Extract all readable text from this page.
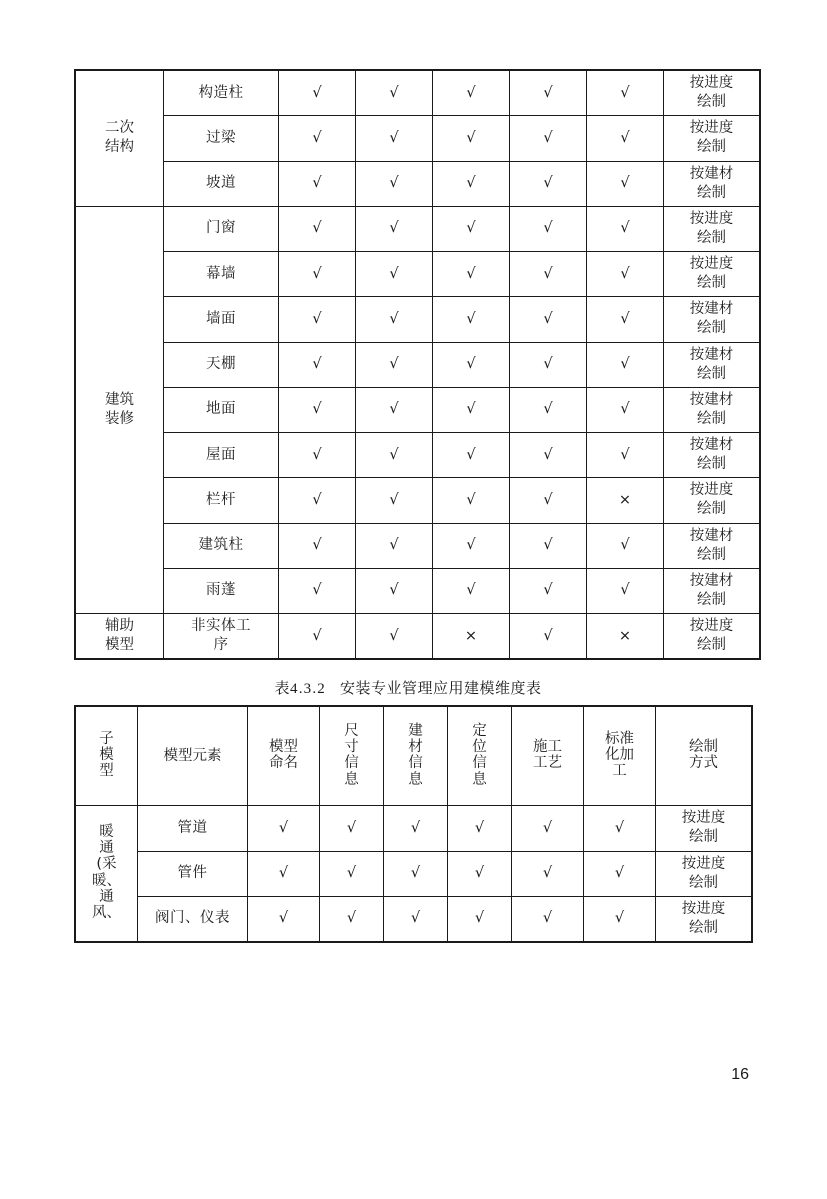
二次
结构	构造柱	√	√	√	√	√	按进度
绘制
	过梁	√	√	√	√	√	按进度
绘制
	坡道	√	√	√	√	√	按建材
绘制
建筑
装修	门窗	√	√	√	√	√	按进度
绘制
	幕墙	√	√	√	√	√	按进度
绘制
	墙面	√	√	√	√	√	按建材
绘制
	天棚	√	√	√	√	√	按建材
绘制
	地面	√	√	√	√	√	按建材
绘制
	屋面	√	√	√	√	√	按建材
绘制
	栏杆	√	√	√	√	×	按进度
绘制
	建筑柱	√	√	√	√	√	按建材
绘制
	雨蓬	√	√	√	√	√	按建材
绘制
辅助
模型	非实体工
序	√	√	×	√	×	按进度
绘制
表4.3.2 安装专业管理应用建模维度表
子
模
型	模型元素	模型
命名	尺
寸
信
息	建
材
信
息	定
位
信
息	施工
工艺	标准
化加
工	绘制
方式

暖
通
(采
暖、
通
风、
	管道	√	√	√	√	√	√	按进度
绘制
	管件	√	√	√	√	√	√	按进度
绘制
	阀门、仪表	√	√	√	√	√	√	按进度
绘制
16
